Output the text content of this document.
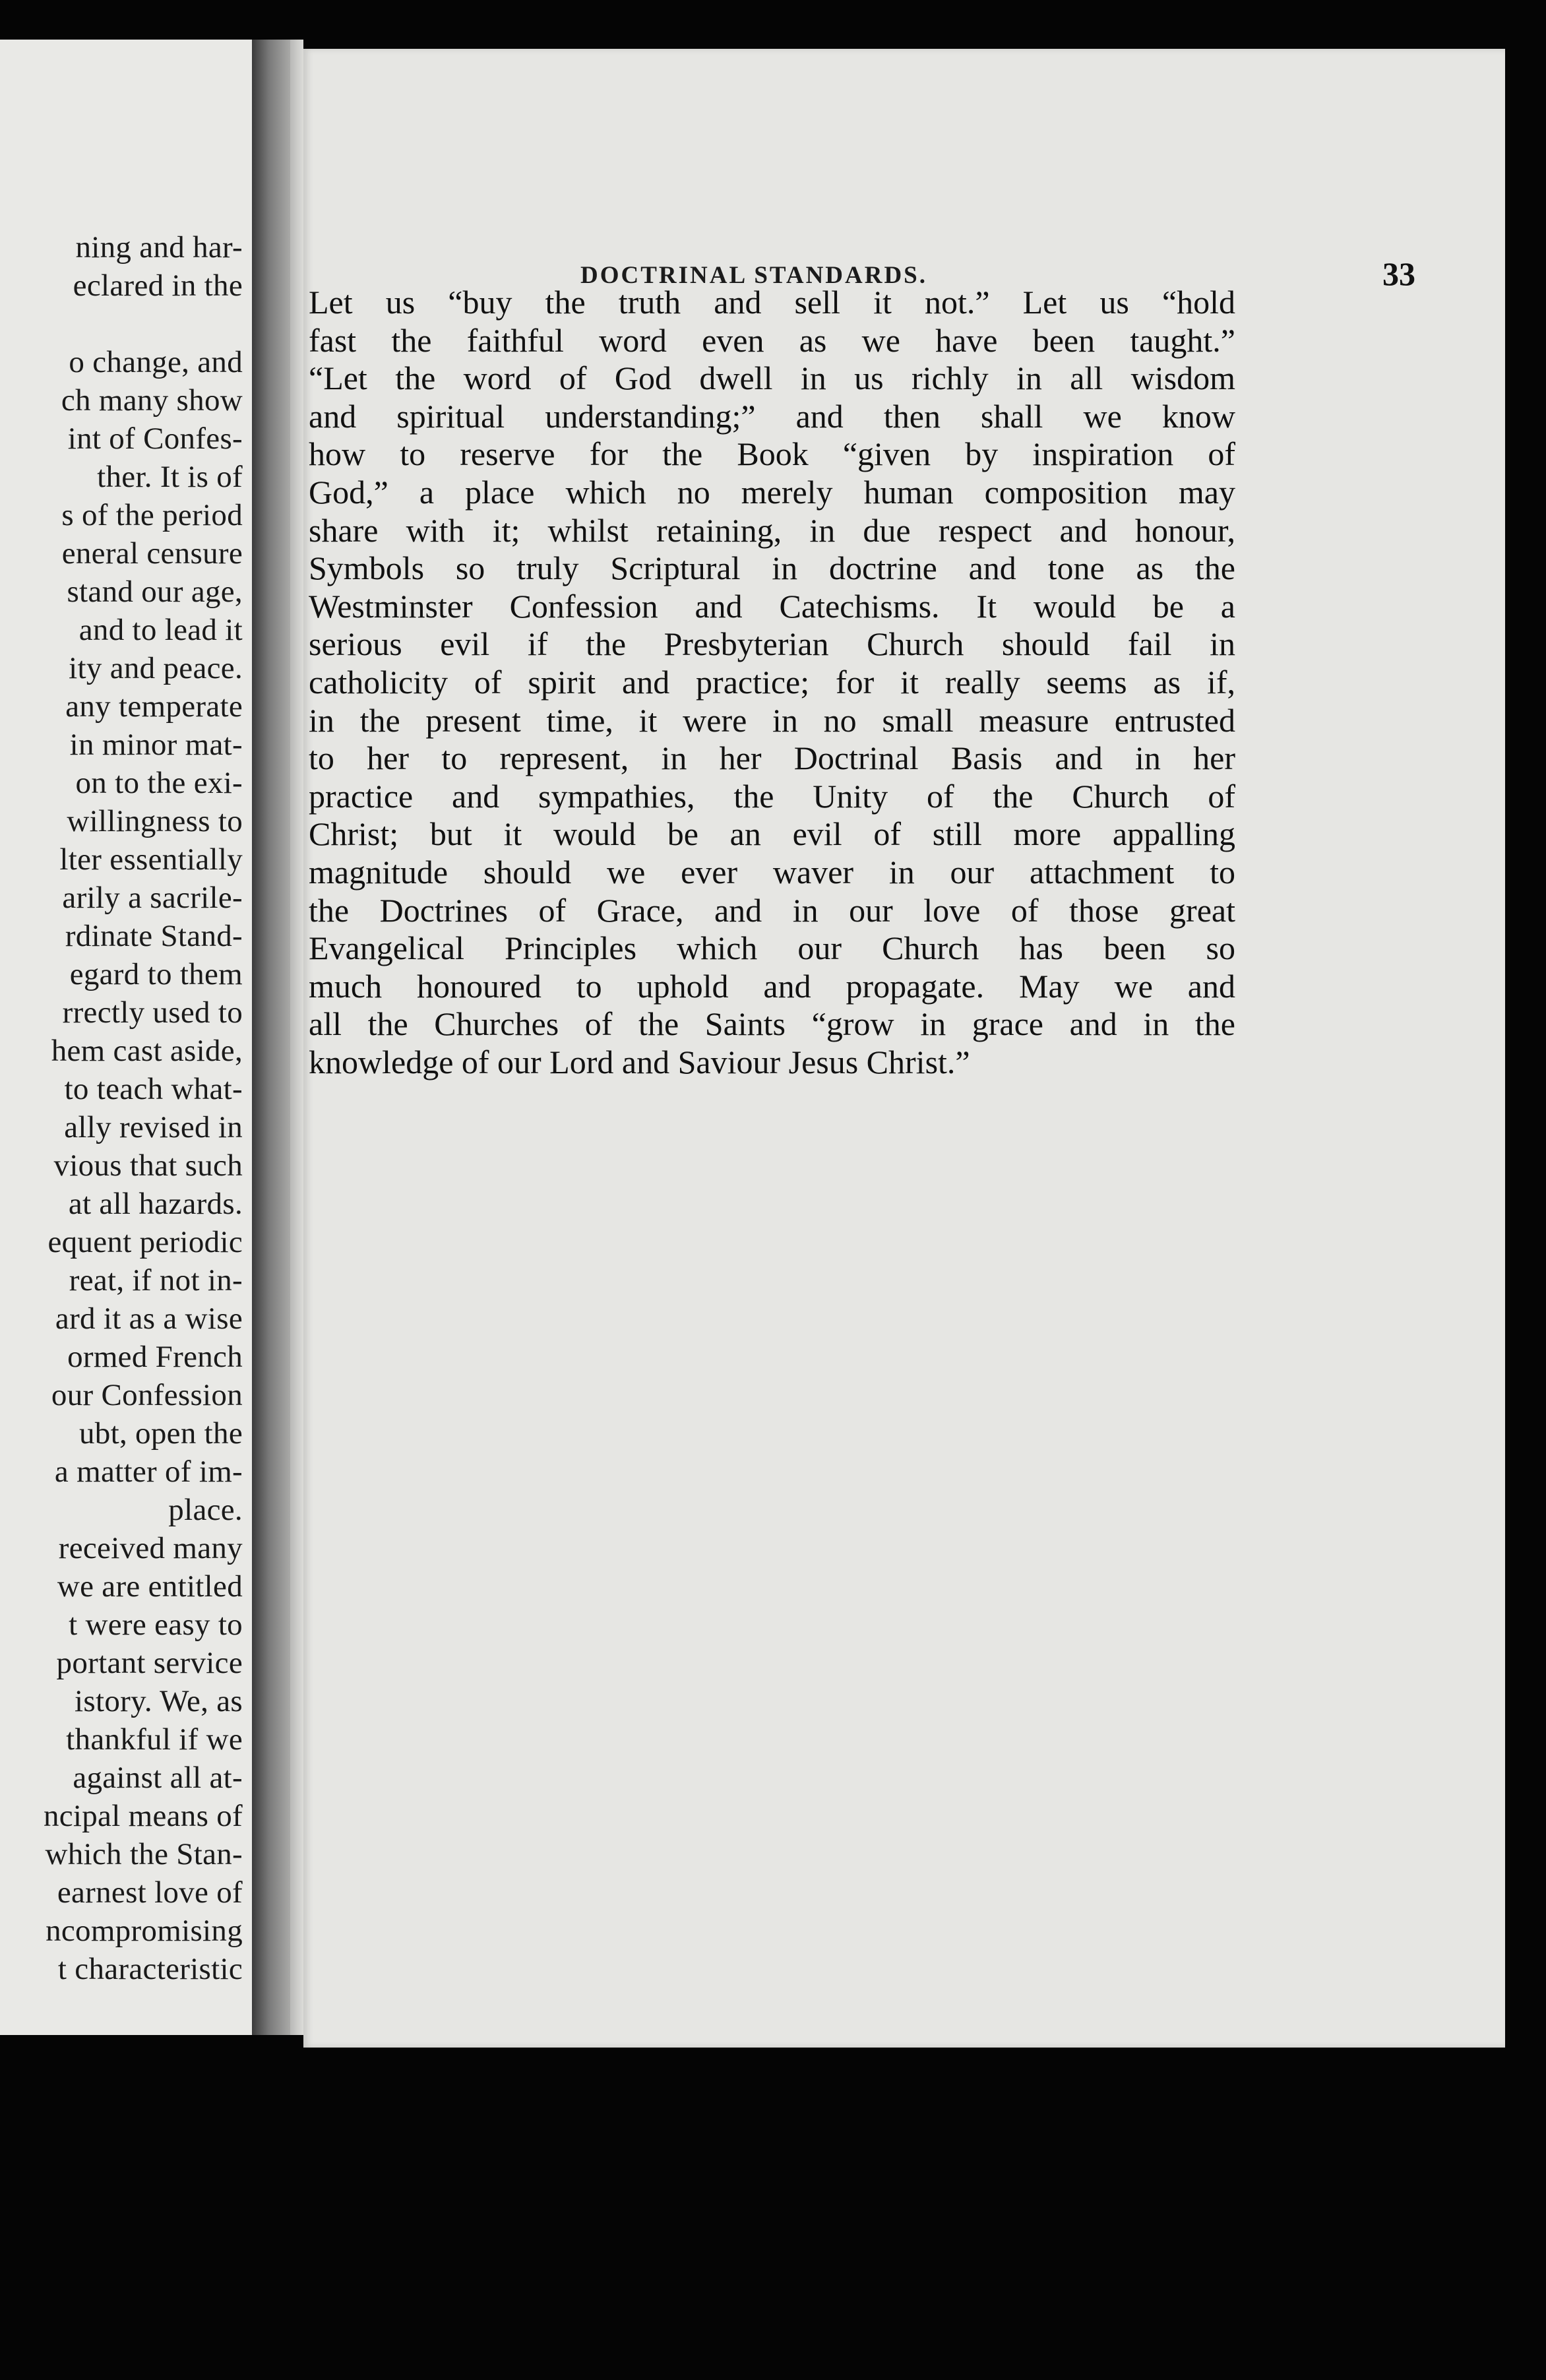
ning and har-
eclared in the

o change, and
ch many show
int of Confes-
ther. It is of
s of the period
eneral censure
stand our age,
and to lead it
ity and peace.
any temperate
in minor mat-
on to the exi-
willingness to
lter essentially
arily a sacrile-
rdinate Stand-
egard to them
rrectly used to
hem cast aside,
to teach what-
ally revised in
vious that such
at all hazards.
equent periodic
reat, if not in-
ard it as a wise
ormed French
our Confession
ubt, open the
a matter of im-
place.
received many
we are entitled
t were easy to
portant service
istory. We, as
thankful if we
against all at-
ncipal means of
which the Stan-
earnest love of
ncompromising
t characteristic
DOCTRINAL STANDARDS.	33
Let us “buy the truth and sell it not.” Let us “hold
fast the faithful word even as we have been taught.”
“Let the word of God dwell in us richly in all wisdom
and spiritual understanding;” and then shall we know
how to reserve for the Book “given by inspiration of
God,” a place which no merely human composition may
share with it; whilst retaining, in due respect and honour,
Symbols so truly Scriptural in doctrine and tone as the
Westminster Confession and Catechisms. It would be a
serious evil if the Presbyterian Church should fail in
catholicity of spirit and practice; for it really seems as if,
in the present time, it were in no small measure entrusted
to her to represent, in her Doctrinal Basis and in her
practice and sympathies, the Unity of the Church of
Christ; but it would be an evil of still more appalling
magnitude should we ever waver in our attachment to
the Doctrines of Grace, and in our love of those great
Evangelical Principles which our Church has been so
much honoured to uphold and propagate. May we and
all the Churches of the Saints “grow in grace and in the
knowledge of our Lord and Saviour Jesus Christ.”
